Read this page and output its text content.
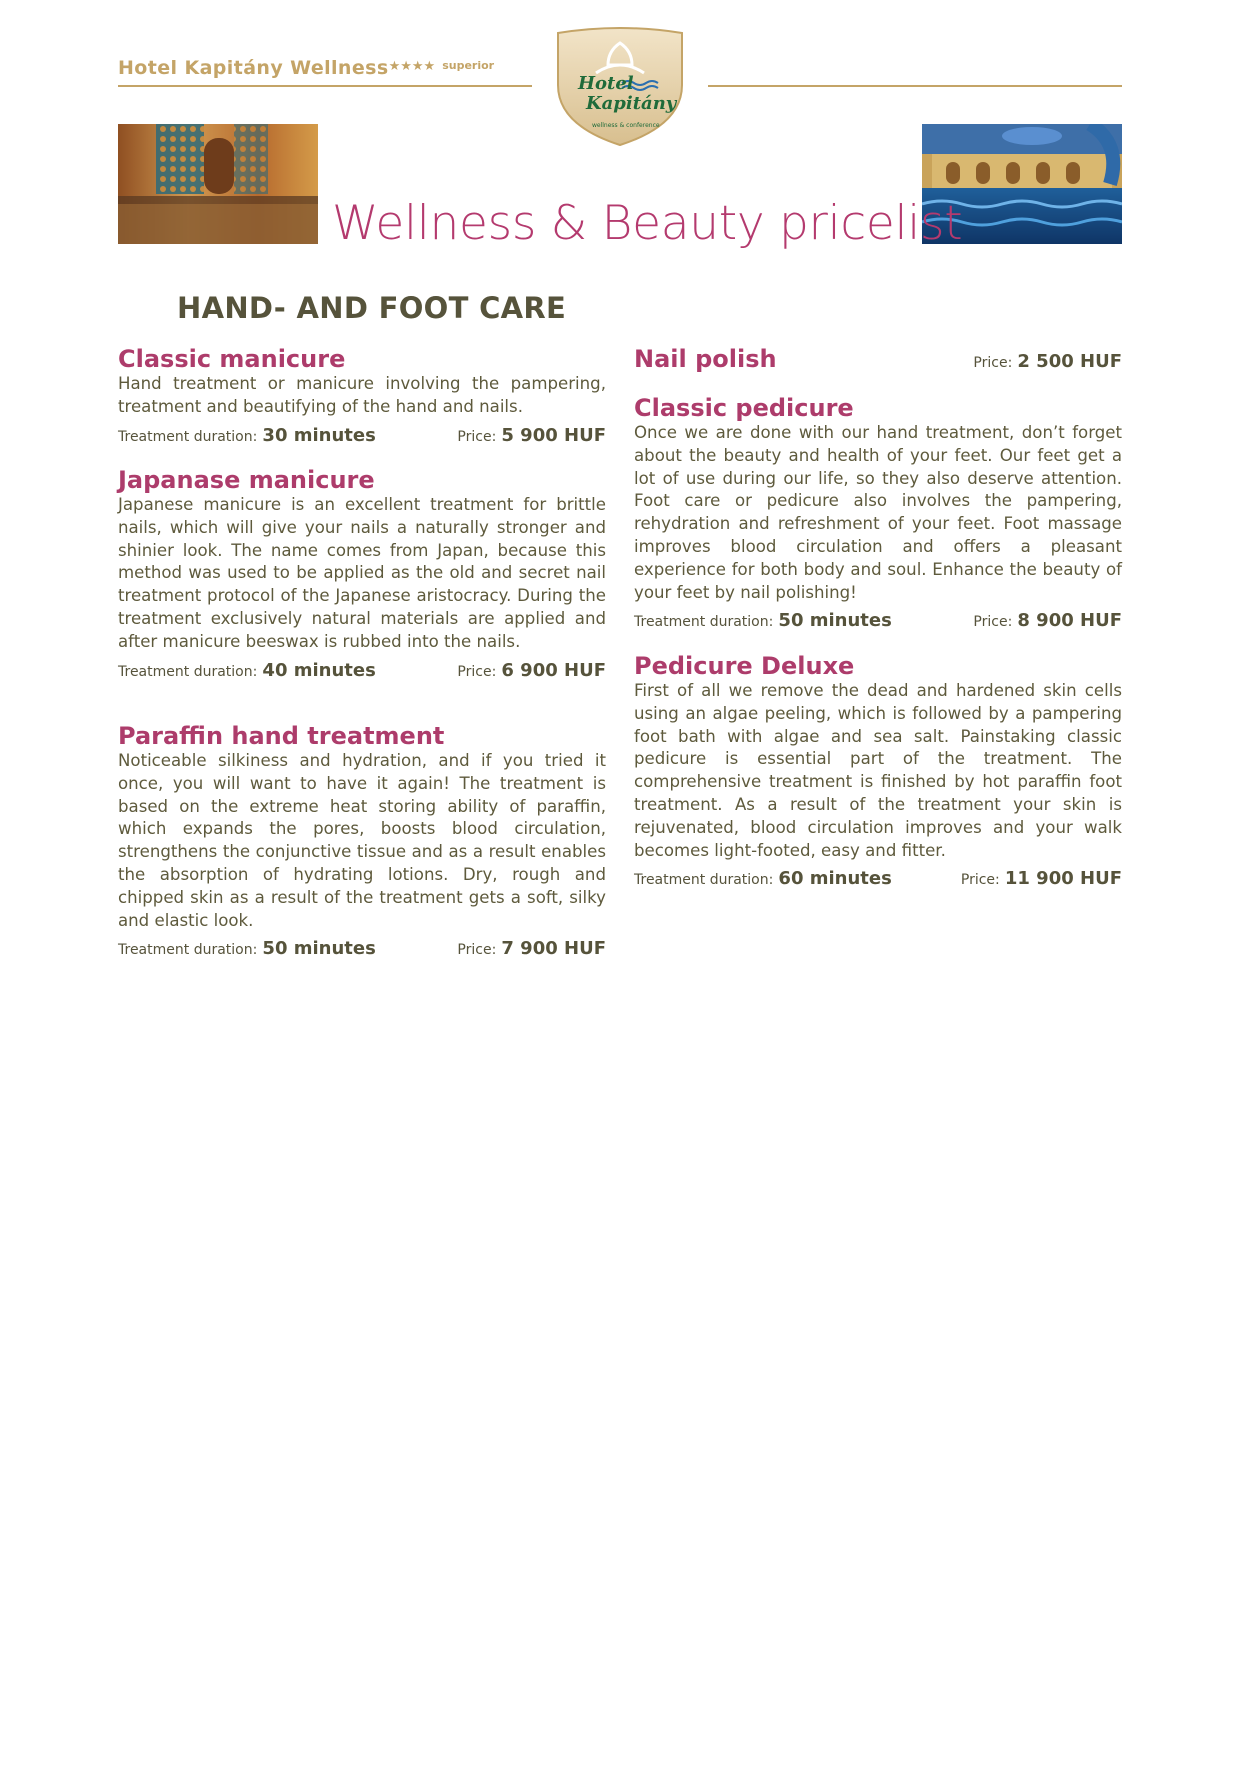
Hotel Kapitány Wellness★★★★ $^{superior}$
Hotel
Kapitány
wellness & conference
Wellness & Beauty pricelist
HAND- AND FOOT CARE
Classic manicure
Hand treatment or manicure involving the pampering, treatment and beautifying of the hand and nails.
Treatment duration: 30 minutes	Price: 5 900 HUF
Japanase manicure
Japanese manicure is an excellent treatment for brittle nails, which will give your nails a naturally stronger and shinier look. The name comes from Japan, because this method was used to be applied as the old and secret nail treatment protocol of the Japanese aristocracy. During the treatment exclusively natural materials are applied and after manicure beeswax is rubbed into the nails.
Treatment duration: 40 minutes	Price: 6 900 HUF
Paraffin hand treatment
Noticeable silkiness and hydration, and if you tried it once, you will want to have it again! The treatment is based on the extreme heat storing ability of paraffin, which expands the pores, boosts blood circulation, strengthens the conjunctive tissue and as a result enables the absorption of hydrating lotions. Dry, rough and chipped skin as a result of the treatment gets a soft, silky and elastic look.
Treatment duration: 50 minutes	Price: 7 900 HUF
Nail polish	Price: 2 500 HUF
Classic pedicure
Once we are done with our hand treatment, don’t forget about the beauty and health of your feet. Our feet get a lot of use during our life, so they also deserve attention. Foot care or pedicure also involves the pampering, rehydration and refreshment of your feet. Foot massage improves blood circulation and offers a pleasant experience for both body and soul. Enhance the beauty of your feet by nail polishing!
Treatment duration: 50 minutes	Price: 8 900 HUF
Pedicure Deluxe
First of all we remove the dead and hardened skin cells using an algae peeling, which is followed by a pampering foot bath with algae and sea salt. Painstaking classic pedicure is essential part of the treatment. The comprehensive treatment is finished by hot paraffin foot treatment. As a result of the treatment your skin is rejuvenated, blood circulation improves and your walk becomes light-footed, easy and fitter.
Treatment duration: 60 minutes	Price: 11 900 HUF
